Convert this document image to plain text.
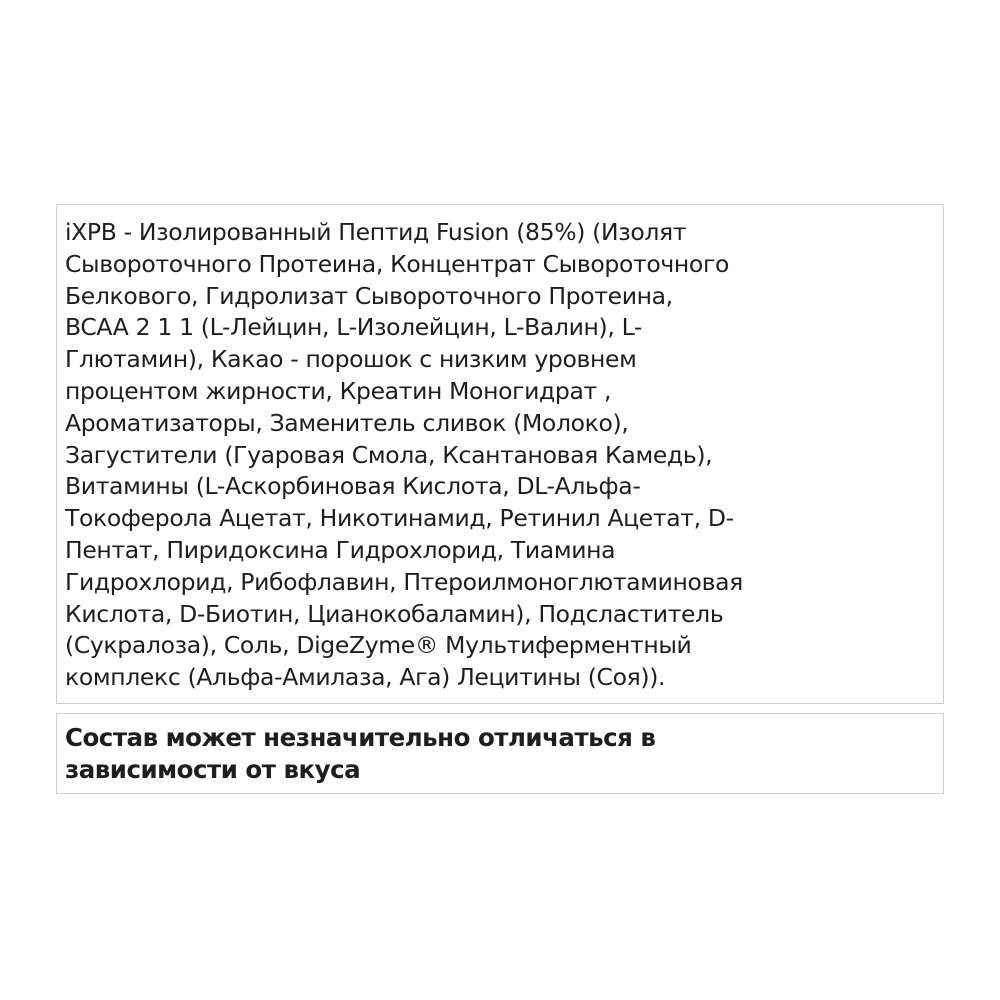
iXPB - Изолированный Пептид Fusion (85%) (Изолят
Сывороточного Протеина, Концентрат Сывороточного
Белкового, Гидролизат Сывороточного Протеина,
BCAA 2 1 1 (L-Лейцин, L-Изолейцин, L-Валин), L-
Глютамин), Какао - порошок с низким уровнем
процентом жирности, Креатин Моногидрат ,
Ароматизаторы, Заменитель сливок (Молоко),
Загустители (Гуаровая Смола, Ксантановая Камедь),
Витамины (L-Аскорбиновая Кислота, DL-Альфа-
Токоферола Ацетат, Никотинамид, Ретинил Ацетат, D-
Пентат, Пиридоксина Гидрохлорид, Тиамина
Гидрохлорид, Рибофлавин, Птероилмоноглютаминовая
Кислота, D-Биотин, Цианокобаламин), Подсластитель
(Сукралоза), Соль, DigeZyme® Мультиферментный
комплекс (Альфа-Амилаза, Ага) Лецитины (Соя)).

Состав может незначительно отличаться в
зависимости от вкуса
